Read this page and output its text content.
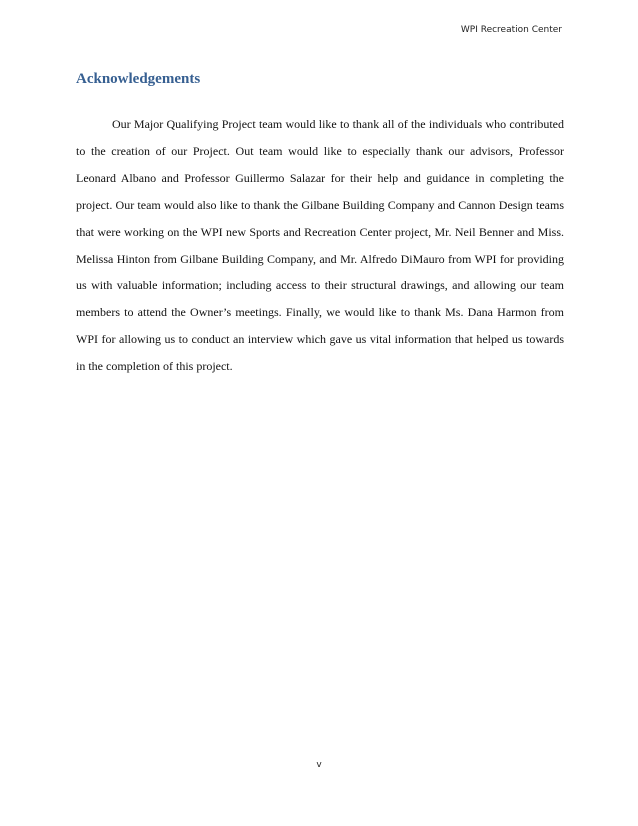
WPI Recreation Center
Acknowledgements

Our Major Qualifying Project team would like to thank all of the individuals who contributed to the creation of our Project. Out team would like to especially thank our advisors, Professor Leonard Albano and Professor Guillermo Salazar for their help and guidance in completing the project. Our team would also like to thank the Gilbane Building Company and Cannon Design teams that were working on the WPI new Sports and Recreation Center project, Mr. Neil Benner and Miss. Melissa Hinton from Gilbane Building Company, and Mr. Alfredo DiMauro from WPI for providing us with valuable information; including access to their structural drawings, and allowing our team members to attend the Owner’s meetings. Finally, we would like to thank Ms. Dana Harmon from WPI for allowing us to conduct an interview which gave us vital information that helped us towards in the completion of this project.

v
